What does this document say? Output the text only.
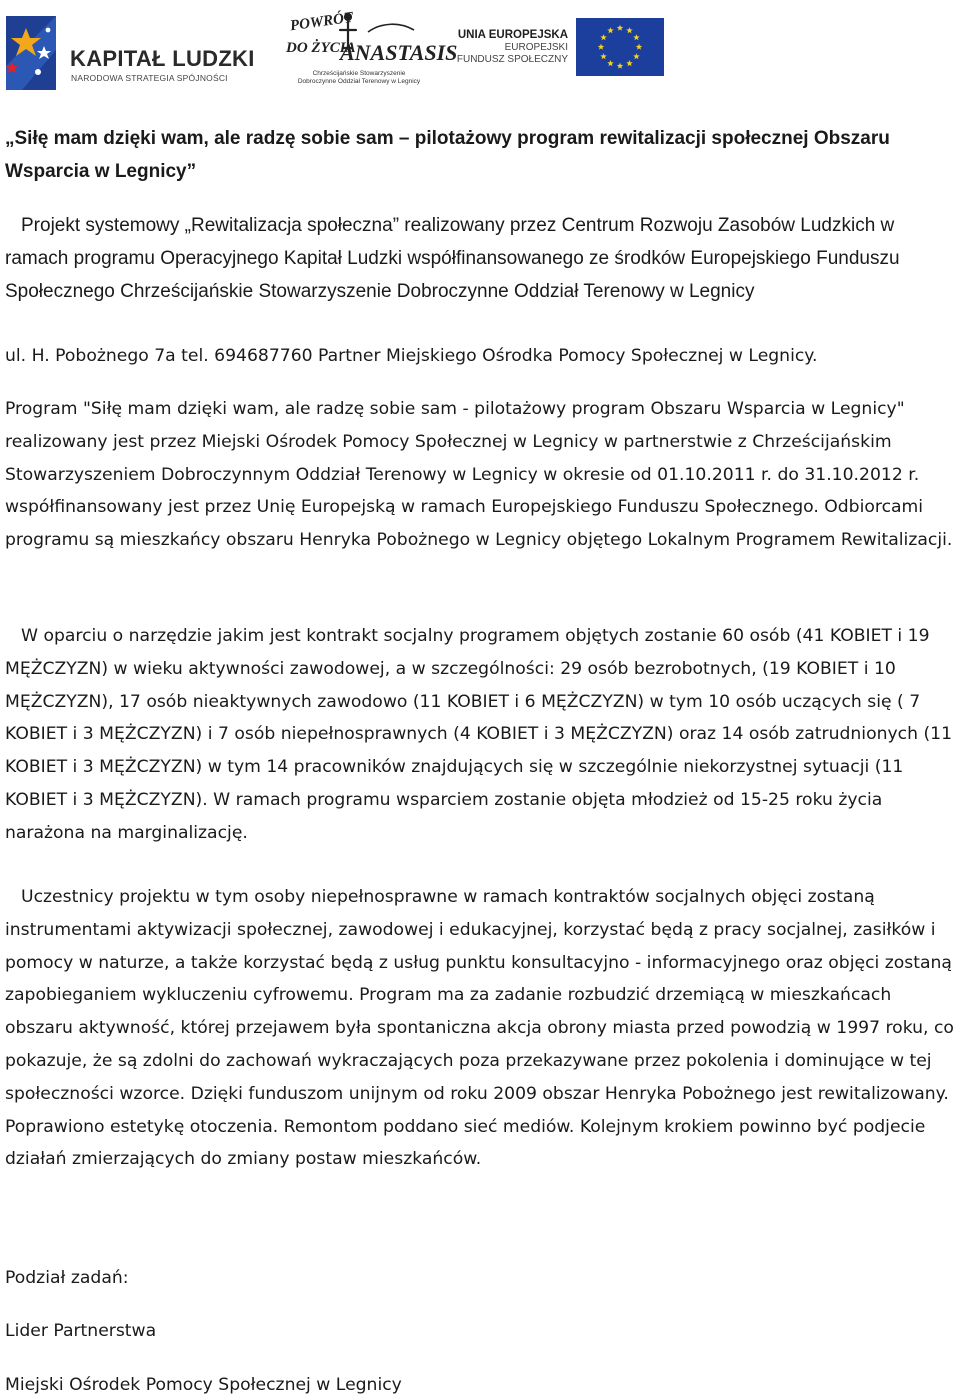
KAPITAŁ LUDZKI
NARODOWA STRATEGIA SPÓJNOŚCI
POWRÓT
DO ŻYCIA
ANASTASIS
Chrześcijańskie Stowarzyszenie Dobroczynne Oddział Terenowy w Legnicy
UNIA EUROPEJSKA
EUROPEJSKI
FUNDUSZ SPOŁECZNY

„Siłę mam dzięki wam, ale radzę sobie sam – pilotażowy program rewitalizacji społecznej Obszaru Wsparcia w Legnicy”

Projekt systemowy „Rewitalizacja społeczna” realizowany przez Centrum Rozwoju Zasobów Ludzkich w ramach programu Operacyjnego Kapitał Ludzki współfinansowanego ze środków Europejskiego Funduszu Społecznego Chrześcijańskie Stowarzyszenie Dobroczynne Oddział Terenowy w Legnicy

ul. H. Pobożnego 7a tel. 694687760 Partner Miejskiego Ośrodka Pomocy Społecznej w Legnicy.

Program "Siłę mam dzięki wam, ale radzę sobie sam - pilotażowy program Obszaru Wsparcia w Legnicy" realizowany jest przez Miejski Ośrodek Pomocy Społecznej w Legnicy w partnerstwie z Chrześcijańskim Stowarzyszeniem Dobroczynnym Oddział Terenowy w Legnicy w okresie od 01.10.2011 r. do 31.10.2012 r. współfinansowany jest przez Unię Europejską w ramach Europejskiego Funduszu Społecznego. Odbiorcami programu są mieszkańcy obszaru Henryka Pobożnego w Legnicy objętego Lokalnym Programem Rewitalizacji.

W oparciu o narzędzie jakim jest kontrakt socjalny programem objętych zostanie 60 osób (41 KOBIET i 19 MĘŻCZYZN) w wieku aktywności zawodowej, a w szczególności: 29 osób bezrobotnych, (19 KOBIET i 10 MĘŻCZYZN), 17 osób nieaktywnych zawodowo (11 KOBIET i 6 MĘŻCZYZN) w tym 10 osób uczących się ( 7 KOBIET i 3 MĘŻCZYZN) i 7 osób niepełnosprawnych (4 KOBIET i 3 MĘŻCZYZN) oraz 14 osób zatrudnionych (11 KOBIET i 3 MĘŻCZYZN) w tym 14 pracowników znajdujących się w szczególnie niekorzystnej sytuacji (11 KOBIET i 3 MĘŻCZYZN). W ramach programu wsparciem zostanie objęta młodzież od 15-25 roku życia narażona na marginalizację.

Uczestnicy projektu w tym osoby niepełnosprawne w ramach kontraktów socjalnych objęci zostaną instrumentami aktywizacji społecznej, zawodowej i edukacyjnej, korzystać będą z pracy socjalnej, zasiłków i pomocy w naturze, a także korzystać będą z usług punktu konsultacyjno - informacyjnego oraz objęci zostaną zapobieganiem wykluczeniu cyfrowemu. Program ma za zadanie rozbudzić drzemiącą w mieszkańcach obszaru aktywność, której przejawem była spontaniczna akcja obrony miasta przed powodzią w 1997 roku, co pokazuje, że są zdolni do zachowań wykraczających poza przekazywane przez pokolenia i dominujące w tej społeczności wzorce. Dzięki funduszom unijnym od roku 2009 obszar Henryka Pobożnego jest rewitalizowany. Poprawiono estetykę otoczenia. Remontom poddano sieć mediów. Kolejnym krokiem powinno być podjecie działań zmierzających do zmiany postaw mieszkańców.

Podział zadań:

Lider Partnerstwa

Miejski Ośrodek Pomocy Społecznej w Legnicy
